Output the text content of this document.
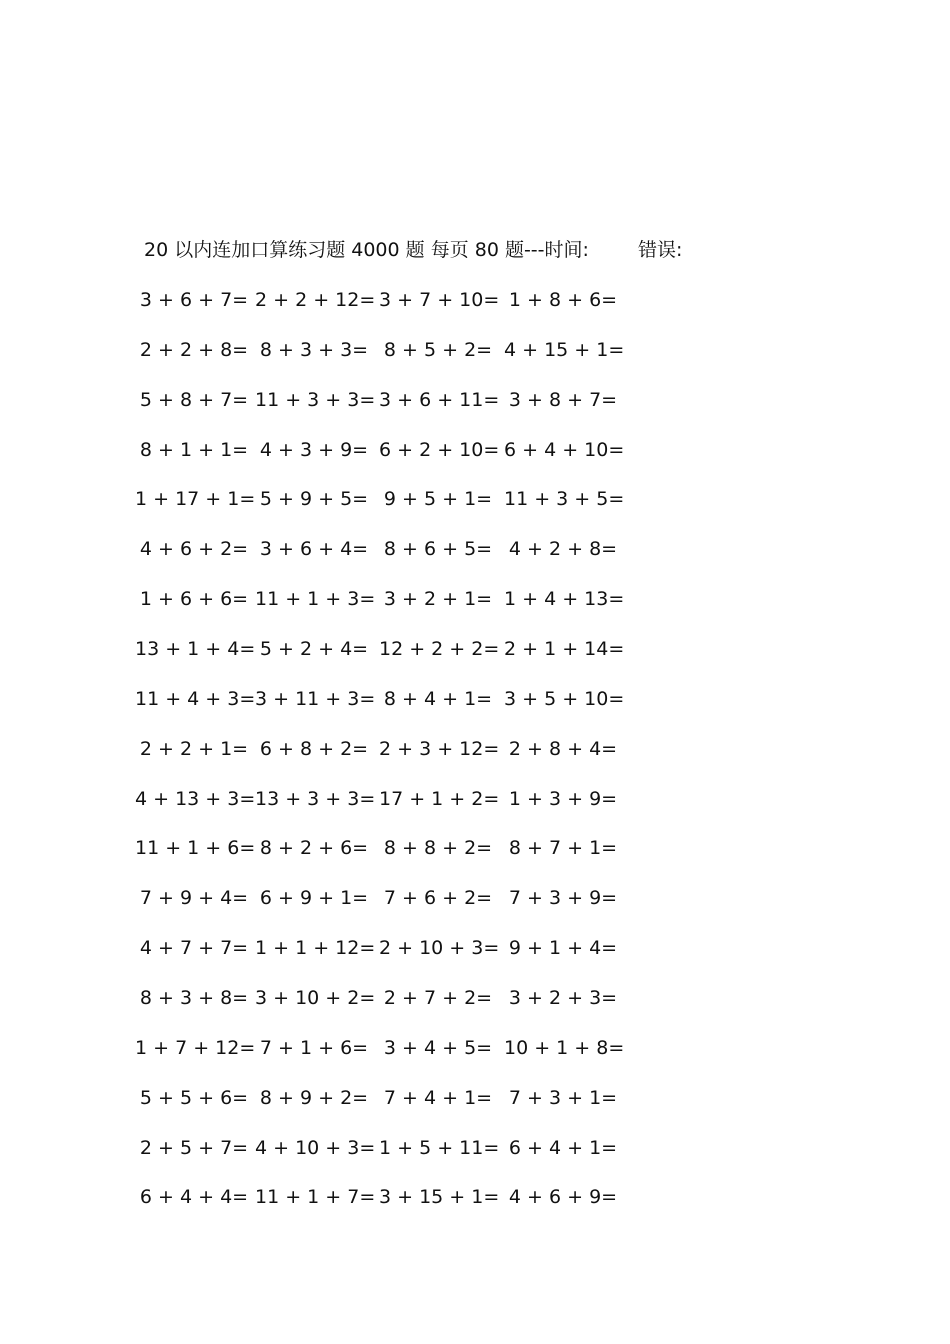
20 以内连加口算练习题 4000 题 每页 80 题---时间:	错误:
3 + 6 + 7= 2 + 2 + 12= 3 + 7 + 10= 1 + 8 + 6=
2 + 2 + 8= 8 + 3 + 3= 8 + 5 + 2= 4 + 15 + 1=
5 + 8 + 7= 11 + 3 + 3= 3 + 6 + 11= 3 + 8 + 7=
8 + 1 + 1= 4 + 3 + 9= 6 + 2 + 10= 6 + 4 + 10=
1 + 17 + 1= 5 + 9 + 5= 9 + 5 + 1= 11 + 3 + 5=
4 + 6 + 2= 3 + 6 + 4= 8 + 6 + 5= 4 + 2 + 8=
1 + 6 + 6= 11 + 1 + 3= 3 + 2 + 1= 1 + 4 + 13=
13 + 1 + 4= 5 + 2 + 4= 12 + 2 + 2= 2 + 1 + 14=
11 + 4 + 3= 3 + 11 + 3= 8 + 4 + 1= 3 + 5 + 10=
2 + 2 + 1= 6 + 8 + 2= 2 + 3 + 12= 2 + 8 + 4=
4 + 13 + 3= 13 + 3 + 3= 17 + 1 + 2= 1 + 3 + 9=
11 + 1 + 6= 8 + 2 + 6= 8 + 8 + 2= 8 + 7 + 1=
7 + 9 + 4= 6 + 9 + 1= 7 + 6 + 2= 7 + 3 + 9=
4 + 7 + 7= 1 + 1 + 12= 2 + 10 + 3= 9 + 1 + 4=
8 + 3 + 8= 3 + 10 + 2= 2 + 7 + 2= 3 + 2 + 3=
1 + 7 + 12= 7 + 1 + 6= 3 + 4 + 5= 10 + 1 + 8=
5 + 5 + 6= 8 + 9 + 2= 7 + 4 + 1= 7 + 3 + 1=
2 + 5 + 7= 4 + 10 + 3= 1 + 5 + 11= 6 + 4 + 1=
6 + 4 + 4= 11 + 1 + 7= 3 + 15 + 1= 4 + 6 + 9=
